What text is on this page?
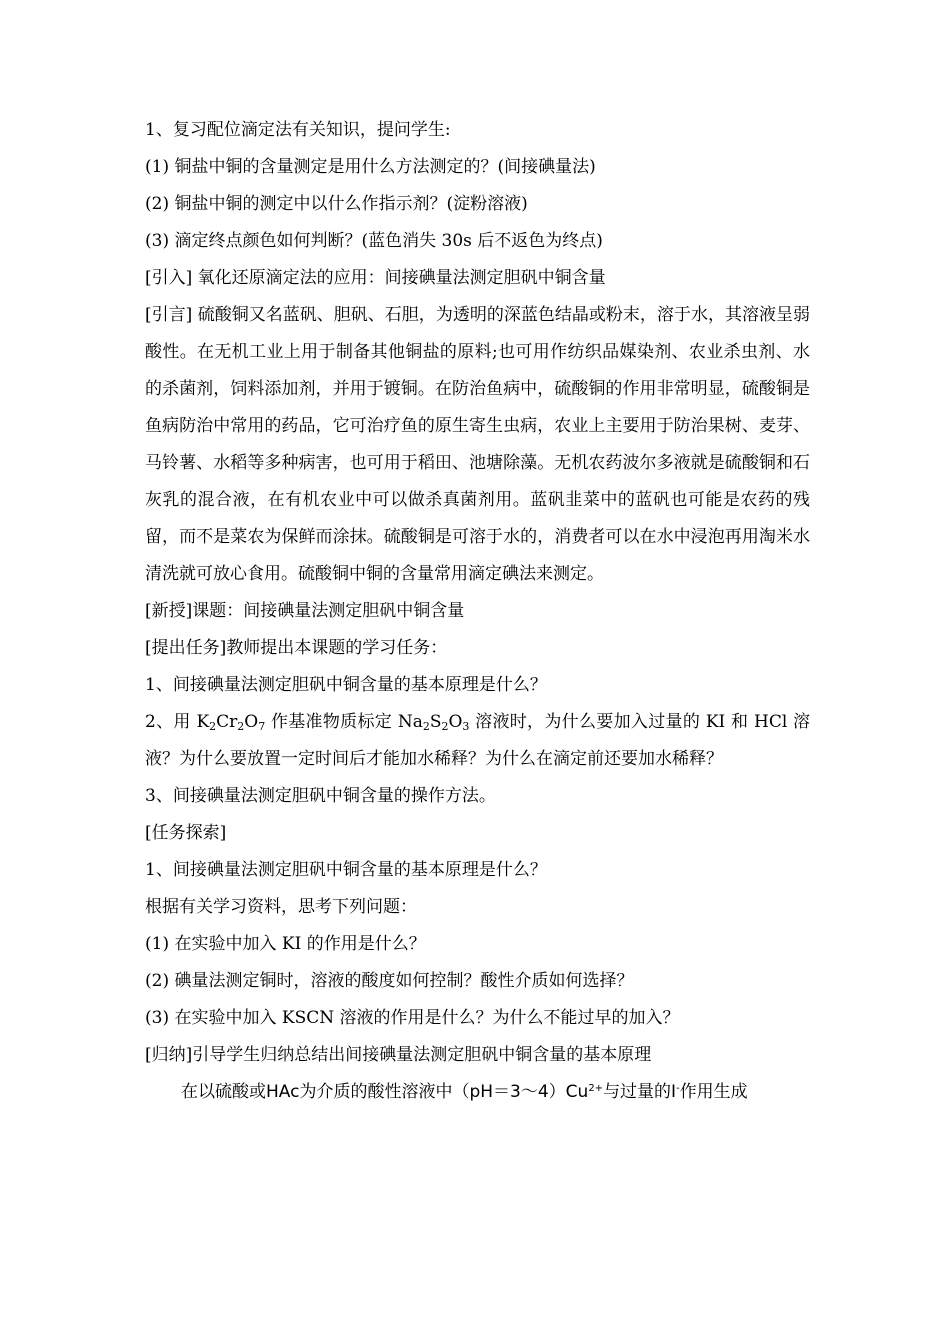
1、复习配位滴定法有关知识，提问学生:
(1) 铜盐中铜的含量测定是用什么方法测定的？(间接碘量法)
(2) 铜盐中铜的测定中以什么作指示剂？(淀粉溶液)
(3) 滴定终点颜色如何判断？(蓝色消失 30s 后不返色为终点)
[引入] 氧化还原滴定法的应用：间接碘量法测定胆矾中铜含量
[引言] 硫酸铜又名蓝矾、胆矾、石胆，为透明的深蓝色结晶或粉末，溶于水，其溶液呈弱酸性。在无机工业上用于制备其他铜盐的原料;也可用作纺织品媒染剂、农业杀虫剂、水的杀菌剂，饲料添加剂，并用于镀铜。在防治鱼病中，硫酸铜的作用非常明显，硫酸铜是鱼病防治中常用的药品，它可治疗鱼的原生寄生虫病，农业上主要用于防治果树、麦芽、马铃薯、水稻等多种病害，也可用于稻田、池塘除藻。无机农药波尔多液就是硫酸铜和石灰乳的混合液，在有机农业中可以做杀真菌剂用。蓝矾韭菜中的蓝矾也可能是农药的残留，而不是菜农为保鲜而涂抹。硫酸铜是可溶于水的，消费者可以在水中浸泡再用淘米水清洗就可放心食用。硫酸铜中铜的含量常用滴定碘法来测定。
[新授]课题：间接碘量法测定胆矾中铜含量
[提出任务]教师提出本课题的学习任务：
1、间接碘量法测定胆矾中铜含量的基本原理是什么？
2、用 $K_2Cr_2O_7$ 作基准物质标定 $Na_2S_2O_3$ 溶液时，为什么要加入过量的 KI 和 HCl 溶液？为什么要放置一定时间后才能加水稀释？为什么在滴定前还要加水稀释？
3、间接碘量法测定胆矾中铜含量的操作方法。
[任务探索]
1、间接碘量法测定胆矾中铜含量的基本原理是什么？
根据有关学习资料，思考下列问题：
(1) 在实验中加入 KI 的作用是什么？
(2) 碘量法测定铜时，溶液的酸度如何控制？酸性介质如何选择？
(3) 在实验中加入 KSCN 溶液的作用是什么？为什么不能过早的加入？
[归纳]引导学生归纳总结出间接碘量法测定胆矾中铜含量的基本原理
在以硫酸或HAc为介质的酸性溶液中$(pH=3\sim 4)Cu^{2+}$与过量的I-作用生成
